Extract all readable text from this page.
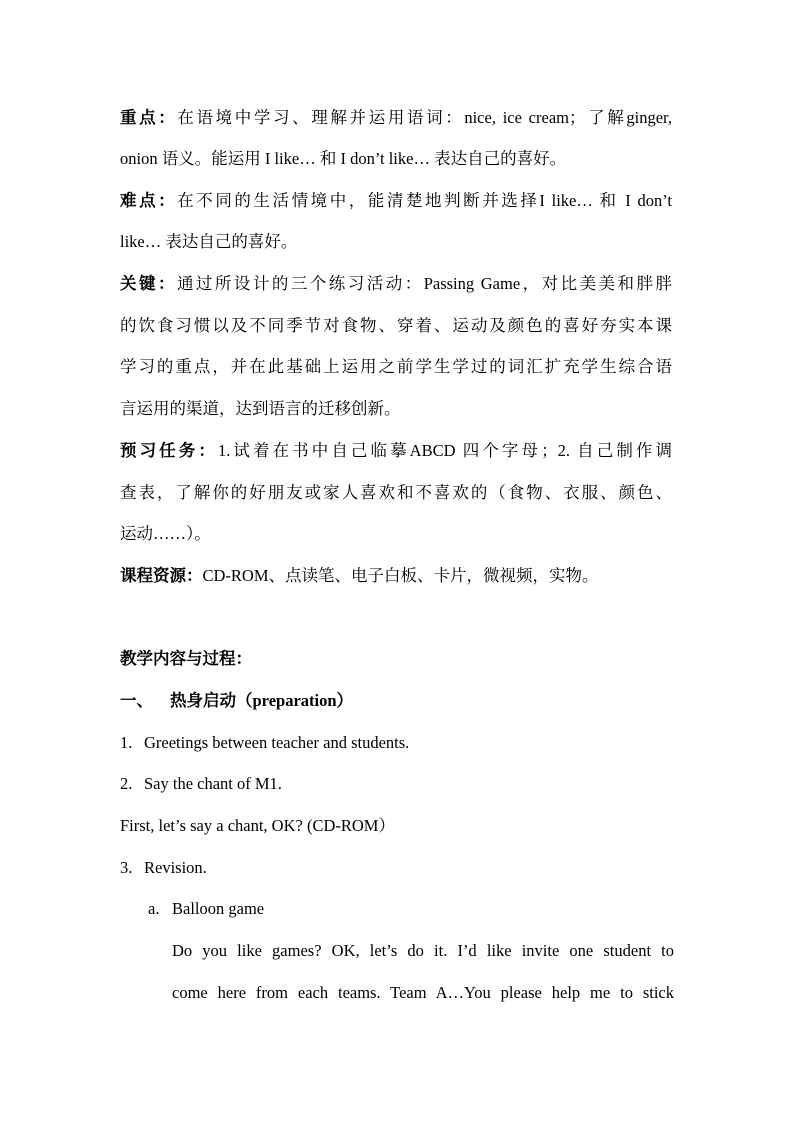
重点：在语境中学习、理解并运用语词：nice, ice cream；了解ginger,
onion 语义。能运用 I like… 和 I don’t like… 表达自己的喜好。
难点：在不同的生活情境中，能清楚地判断并选择I like… 和 I don’t
like… 表达自己的喜好。
关键：通过所设计的三个练习活动：Passing Game，对比美美和胖胖
的饮食习惯以及不同季节对食物、穿着、运动及颜色的喜好夯实本课
学习的重点，并在此基础上运用之前学生学过的词汇扩充学生综合语
言运用的渠道，达到语言的迁移创新。
预习任务：1.试着在书中自己临摹ABCD 四个字母；2. 自己制作调
查表，了解你的好朋友或家人喜欢和不喜欢的（食物、衣服、颜色、
运动……）。
课程资源：CD-ROM、点读笔、电子白板、卡片，微视频，实物。
教学内容与过程：
一、 热身启动（preparation）
1. Greetings between teacher and students.
2. Say the chant of M1.
First, let’s say a chant, OK? (CD-ROM）
3. Revision.
a. Balloon game
Do you like games? OK, let’s do it. I’d like invite one student to
come here from each teams. Team A…You please help me to stick
